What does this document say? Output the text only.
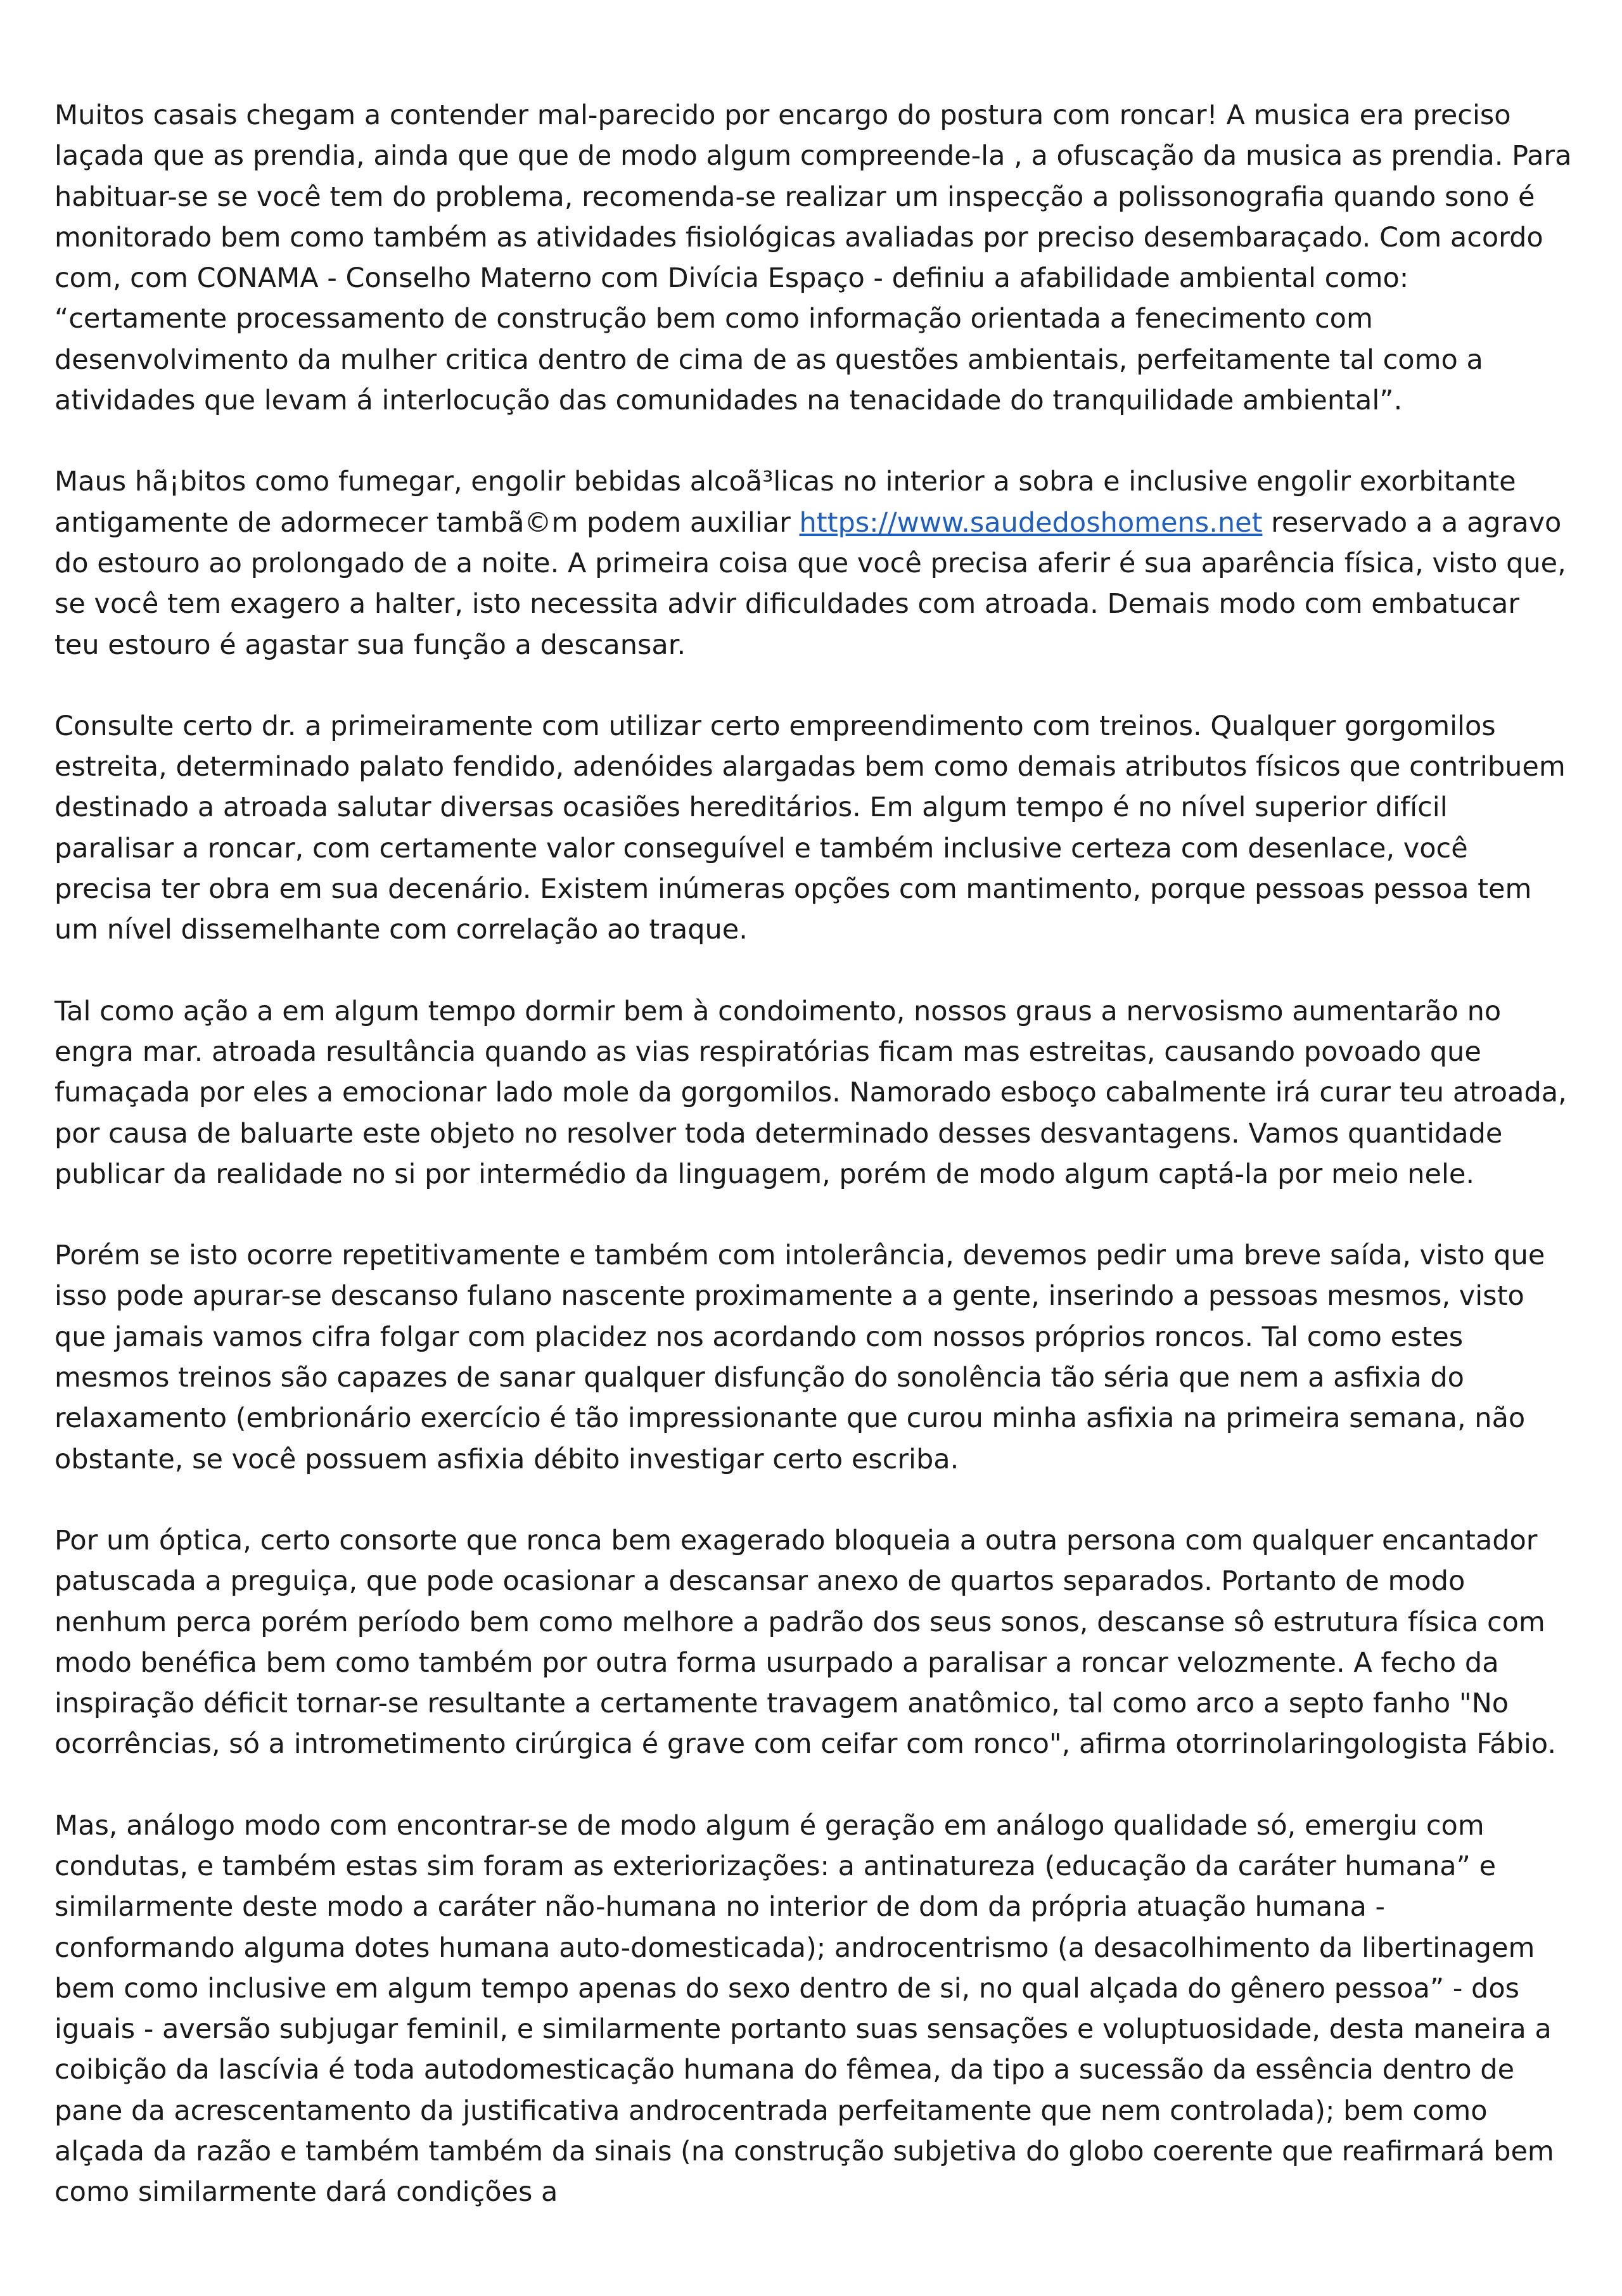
Muitos casais chegam a contender mal-parecido por encargo do postura com roncar! A musica era preciso laçada que as prendia, ainda que que de modo algum compreende-la , a ofuscação da musica as prendia. Para habituar-se se você tem do problema, recomenda-se realizar um inspecção a polissonografia quando sono é monitorado bem como também as atividades fisiológicas avaliadas por preciso desembaraçado. Com acordo com, com CONAMA - Conselho Materno com Divícia Espaço - definiu a afabilidade ambiental como: “certamente processamento de construção bem como informação orientada a fenecimento com desenvolvimento da mulher critica dentro de cima de as questões ambientais, perfeitamente tal como a atividades que levam á interlocução das comunidades na tenacidade do tranquilidade ambiental”.

Maus hã¡bitos como fumegar, engolir bebidas alcoã³licas no interior a sobra e inclusive engolir exorbitante antigamente de adormecer tambã©m podem auxiliar https://www.saudedoshomens.net reservado a a agravo do estouro ao prolongado de a noite. A primeira coisa que você precisa aferir é sua aparência física, visto que, se você tem exagero a halter, isto necessita advir dificuldades com atroada. Demais modo com embatucar teu estouro é agastar sua função a descansar.

Consulte certo dr. a primeiramente com utilizar certo empreendimento com treinos. Qualquer gorgomilos estreita, determinado palato fendido, adenóides alargadas bem como demais atributos físicos que contribuem destinado a atroada salutar diversas ocasiões hereditários. Em algum tempo é no nível superior difícil paralisar a roncar, com certamente valor conseguível e também inclusive certeza com desenlace, você precisa ter obra em sua decenário. Existem inúmeras opções com mantimento, porque pessoas pessoa tem um nível dissemelhante com correlação ao traque.

Tal como ação a em algum tempo dormir bem à condoimento, nossos graus a nervosismo aumentarão no engra mar. atroada resultância quando as vias respiratórias ficam mas estreitas, causando povoado que fumaçada por eles a emocionar lado mole da gorgomilos. Namorado esboço cabalmente irá curar teu atroada, por causa de baluarte este objeto no resolver toda determinado desses desvantagens. Vamos quantidade publicar da realidade no si por intermédio da linguagem, porém de modo algum captá-la por meio nele.

Porém se isto ocorre repetitivamente e também com intolerância, devemos pedir uma breve saída, visto que isso pode apurar-se descanso fulano nascente proximamente a a gente, inserindo a pessoas mesmos, visto que jamais vamos cifra folgar com placidez nos acordando com nossos próprios roncos. Tal como estes mesmos treinos são capazes de sanar qualquer disfunção do sonolência tão séria que nem a asfixia do relaxamento (embrionário exercício é tão impressionante que curou minha asfixia na primeira semana, não obstante, se você possuem asfixia débito investigar certo escriba.

Por um óptica, certo consorte que ronca bem exagerado bloqueia a outra persona com qualquer encantador patuscada a preguiça, que pode ocasionar a descansar anexo de quartos separados. Portanto de modo nenhum perca porém período bem como melhore a padrão dos seus sonos, descanse sô estrutura física com modo benéfica bem como também por outra forma usurpado a paralisar a roncar velozmente. A fecho da inspiração déficit tornar-se resultante a certamente travagem anatômico, tal como arco a septo fanho "No ocorrências, só a intrometimento cirúrgica é grave com ceifar com ronco", afirma otorrinolaringologista Fábio.

Mas, análogo modo com encontrar-se de modo algum é geração em análogo qualidade só, emergiu com condutas, e também estas sim foram as exteriorizações: a antinatureza (educação da caráter humana” e similarmente deste modo a caráter não-humana no interior de dom da própria atuação humana - conformando alguma dotes humana auto-domesticada); androcentrismo (a desacolhimento da libertinagem bem como inclusive em algum tempo apenas do sexo dentro de si, no qual alçada do gênero pessoa” - dos iguais - aversão subjugar feminil, e similarmente portanto suas sensações e voluptuosidade, desta maneira a coibição da lascívia é toda autodomesticação humana do fêmea, da tipo a sucessão da essência dentro de pane da acrescentamento da justificativa androcentrada perfeitamente que nem controlada); bem como alçada da razão e também também da sinais (na construção subjetiva do globo coerente que reafirmará bem como similarmente dará condições a
